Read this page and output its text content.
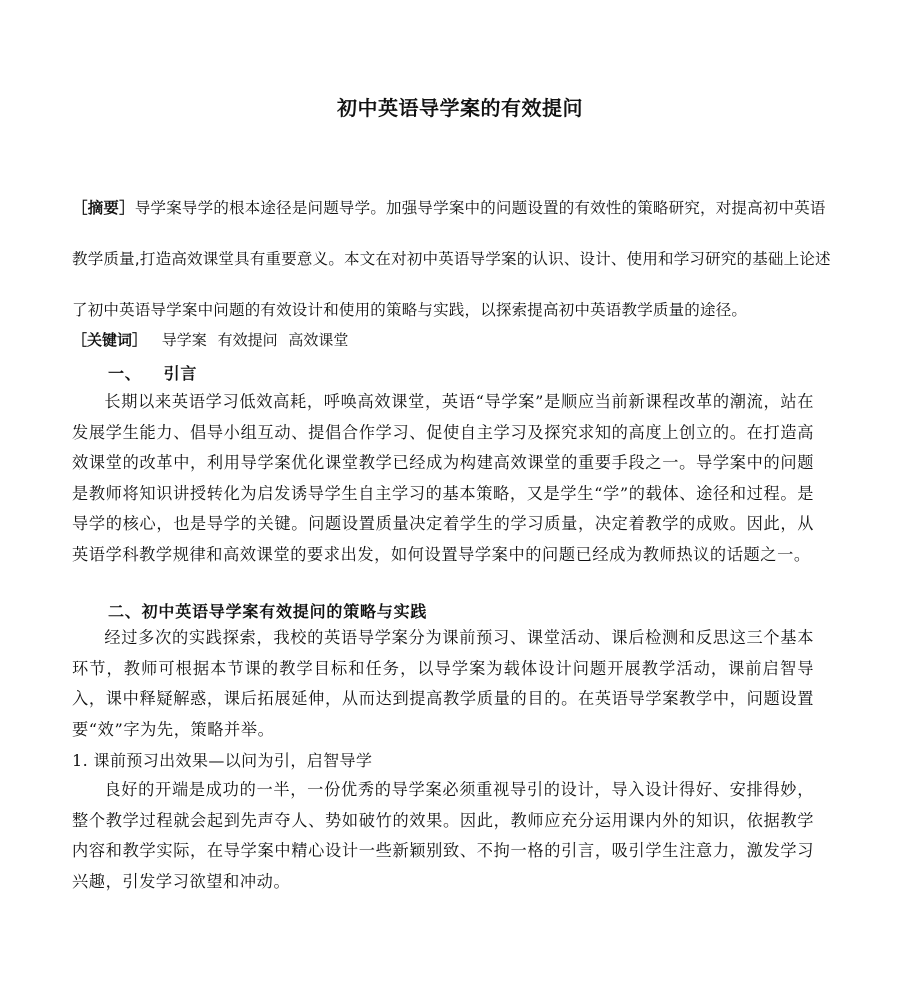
初中英语导学案的有效提问
［摘要］导学案导学的根本途径是问题导学。加强导学案中的问题设置的有效性的策略研究，对提高初中英语教学质量,打造高效课堂具有重要意义。本文在对初中英语导学案的认识、设计、使用和学习研究的基础上论述了初中英语导学案中问题的有效设计和使用的策略与实践，以探索提高初中英语教学质量的途径。
［关键词］ 导学案 有效提问 高效课堂
一、 引言
长期以来英语学习低效高耗，呼唤高效课堂，英语“导学案”是顺应当前新课程改革的潮流，站在发展学生能力、倡导小组互动、提倡合作学习、促使自主学习及探究求知的高度上创立的。在打造高效课堂的改革中，利用导学案优化课堂教学已经成为构建高效课堂的重要手段之一。导学案中的问题是教师将知识讲授转化为启发诱导学生自主学习的基本策略，又是学生“学”的载体、途径和过程。是导学的核心，也是导学的关键。问题设置质量决定着学生的学习质量，决定着教学的成败。因此，从英语学科教学规律和高效课堂的要求出发，如何设置导学案中的问题已经成为教师热议的话题之一。
二、初中英语导学案有效提问的策略与实践
经过多次的实践探索，我校的英语导学案分为课前预习、课堂活动、课后检测和反思这三个基本环节，教师可根据本节课的教学目标和任务，以导学案为载体设计问题开展教学活动，课前启智导入，课中释疑解惑，课后拓展延伸，从而达到提高教学质量的目的。在英语导学案教学中，问题设置要“效”字为先，策略并举。
1. 课前预习出效果—以问为引，启智导学
良好的开端是成功的一半，一份优秀的导学案必须重视导引的设计，导入设计得好、安排得妙，整个教学过程就会起到先声夺人、势如破竹的效果。因此，教师应充分运用课内外的知识，依据教学内容和教学实际，在导学案中精心设计一些新颖别致、不拘一格的引言，吸引学生注意力，激发学习兴趣，引发学习欲望和冲动。
